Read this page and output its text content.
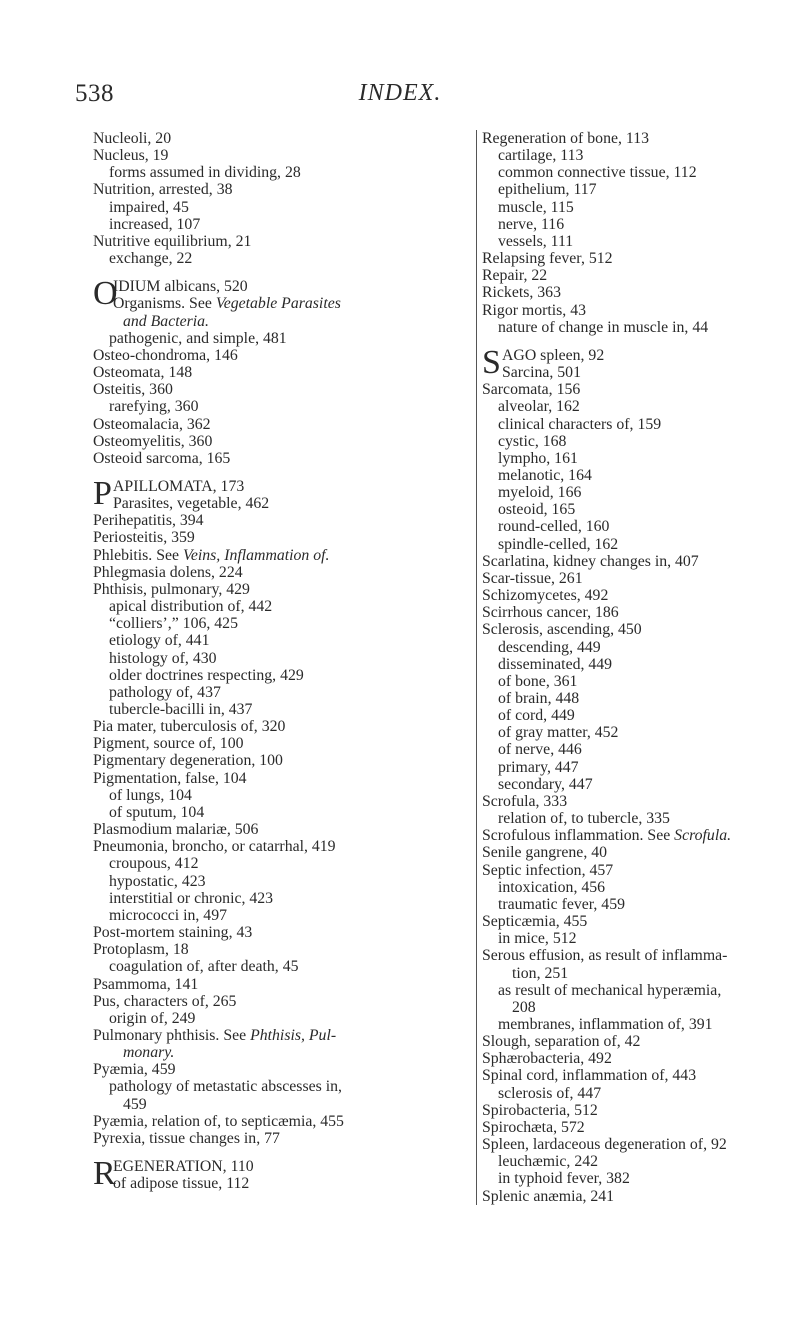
538	INDEX.
Nucleoli, 20
Nucleus, 19
forms assumed in dividing, 28
Nutrition, arrested, 38
impaired, 45
increased, 107
Nutritive equilibrium, 21
exchange, 22
O
IDIUM albicans, 520
Organisms. See Vegetable Parasites
and Bacteria.
pathogenic, and simple, 481
Osteo-chondroma, 146
Osteomata, 148
Osteitis, 360
rarefying, 360
Osteomalacia, 362
Osteomyelitis, 360
Osteoid sarcoma, 165
P APILLOMATA, 173
Parasites, vegetable, 462
Perihepatitis, 394
Periosteitis, 359
Phlebitis. See Veins, Inflammation of.
Phlegmasia dolens, 224
Phthisis, pulmonary, 429
apical distribution of, 442
“colliers’,” 106, 425
etiology of, 441
histology of, 430
older doctrines respecting, 429
pathology of, 437
tubercle-bacilli in, 437
Pia mater, tuberculosis of, 320
Pigment, source of, 100
Pigmentary degeneration, 100
Pigmentation, false, 104
of lungs, 104
of sputum, 104
Plasmodium malariæ, 506
Pneumonia, broncho, or catarrhal, 419
croupous, 412
hypostatic, 423
interstitial or chronic, 423
micrococci in, 497
Post-mortem staining, 43
Protoplasm, 18
coagulation of, after death, 45
Psammoma, 141
Pus, characters of, 265
origin of, 249
Pulmonary phthisis. See Phthisis, Pul-
monary.
Pyæmia, 459
pathology of metastatic abscesses in,
459
Pyæmia, relation of, to septicæmia, 455
Pyrexia, tissue changes in, 77
R
EGENERATION, 110
of adipose tissue, 112
Regeneration of bone, 113
cartilage, 113
common connective tissue, 112
epithelium, 117
muscle, 115
nerve, 116
vessels, 111
Relapsing fever, 512
Repair, 22
Rickets, 363
Rigor mortis, 43
nature of change in muscle in, 44
S AGO spleen, 92
Sarcina, 501
Sarcomata, 156
alveolar, 162
clinical characters of, 159
cystic, 168
lympho, 161
melanotic, 164
myeloid, 166
osteoid, 165
round-celled, 160
spindle-celled, 162
Scarlatina, kidney changes in, 407
Scar-tissue, 261
Schizomycetes, 492
Scirrhous cancer, 186
Sclerosis, ascending, 450
descending, 449
disseminated, 449
of bone, 361
of brain, 448
of cord, 449
of gray matter, 452
of nerve, 446
primary, 447
secondary, 447
Scrofula, 333
relation of, to tubercle, 335
Scrofulous inflammation. See Scrofula.
Senile gangrene, 40
Septic infection, 457
intoxication, 456
traumatic fever, 459
Septicæmia, 455
in mice, 512
Serous effusion, as result of inflamma-
tion, 251
as result of mechanical hyperæmia,
208
membranes, inflammation of, 391
Slough, separation of, 42
Sphærobacteria, 492
Spinal cord, inflammation of, 443
sclerosis of, 447
Spirobacteria, 512
Spirochæta, 572
Spleen, lardaceous degeneration of, 92
leuchæmic, 242
in typhoid fever, 382
Splenic anæmia, 241
